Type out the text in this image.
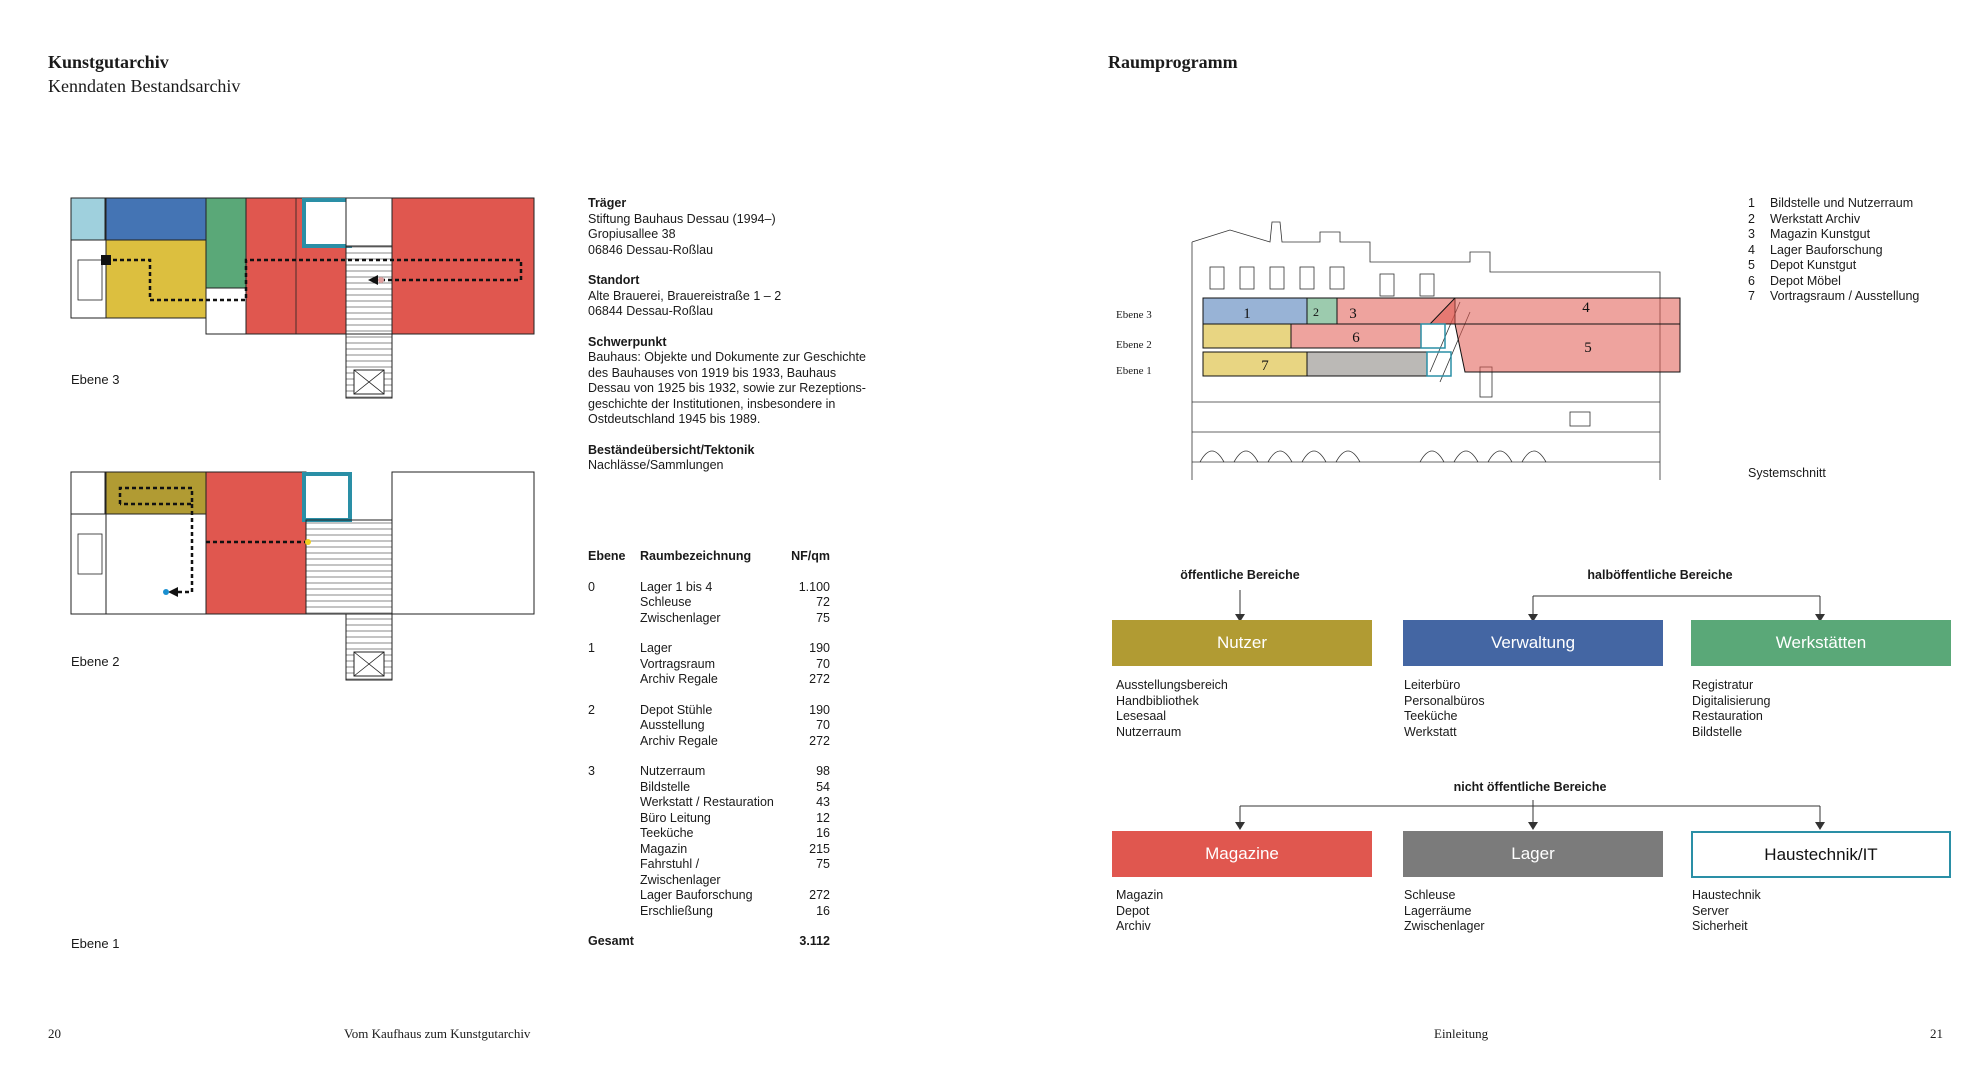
Kunstgutarchiv
Kenndaten Bestandsarchiv
Ebene 3
Ebene 2
Ebene 1
Träger
Stiftung Bauhaus Dessau (1994–)
Gropiusallee 38
06846 Dessau-Roßlau
Standort
Alte Brauerei, Brauereistraße 1 – 2
06844 Dessau-Roßlau
Schwerpunkt
Bauhaus: Objekte und Dokumente zur Geschichte
des Bauhauses von 1919 bis 1933, Bauhaus
Dessau von 1925 bis 1932, sowie zur Rezeptions-
geschichte der Institutionen, insbesondere in
Ostdeutschland 1945 bis 1989.
Beständeübersicht/Tektonik
Nachlässe/Sammlungen
Ebene	Raumbezeichnung	NF/qm

0	Lager 1 bis 4	1.100
	Schleuse	72
	Zwischenlager	75

1	Lager	190
	Vortragsraum	70
	Archiv Regale	272

2	Depot Stühle	190
	Ausstellung	70
	Archiv Regale	272

3	Nutzerraum	98
	Bildstelle	54
	Werkstatt / Restauration	43
	Büro Leitung	12
	Teeküche	16
	Magazin	215
	Fahrstuhl / Zwischenlager	75
	Lager Bauforschung	272
	Erschließung	16

Gesamt		3.112
20	Vom Kaufhaus zum Kunstgutarchiv
Raumprogramm
1	2 3	4
5
6
7
Ebene 3
Ebene 2
Ebene 1
Systemschnitt
1 Bildstelle und Nutzerraum
2 Werkstatt Archiv
3 Magazin Kunstgut
4 Lager Bauforschung
5 Depot Kunstgut
6 Depot Möbel
7 Vortragsraum / Ausstellung
öffentliche Bereiche	halböffentliche Bereiche
nicht öffentliche Bereiche
Nutzer	Verwaltung	Werkstätten
Magazine	Lager	Haustechnik/IT
Ausstellungsbereich
Handbibliothek
Lesesaal
Nutzerraum
Leiterbüro
Personalbüros
Teeküche
Werkstatt
Registratur
Digitalisierung
Restauration
Bildstelle
Magazin
Depot
Archiv
Schleuse
Lagerräume
Zwischenlager
Haustechnik
Server
Sicherheit
Einleitung	21
